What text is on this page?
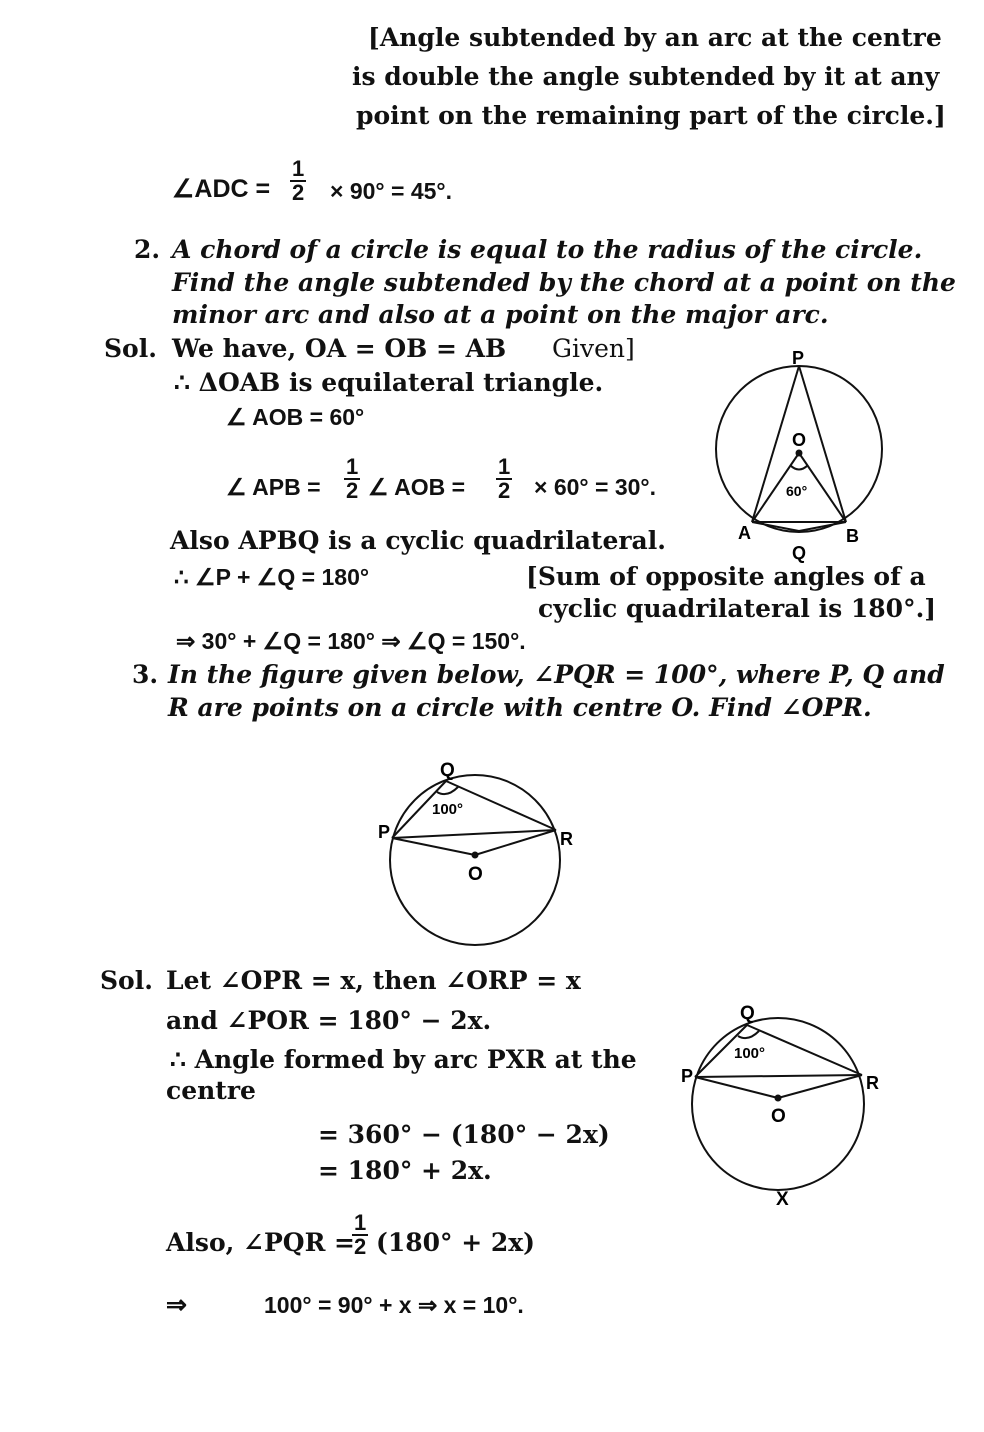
[Angle subtended by an arc at the centre
is double the angle subtended by it at any
point on the remaining part of the circle.]
∠ADC = $\frac{1}{2} \times 90^\circ = 45^\circ$.
2. A chord of a circle is equal to the radius of the circle.
Find the angle subtended by the chord at a point on the
minor arc and also at a point on the major arc.
Sol. We have, OA = OB = AB Given]
∴ ΔOAB is equilateral triangle.
∠ AOB = 60°
∠ APB = $\frac{1}{2}$ ∠ AOB = $\frac{1}{2} \times 60^\circ = 30^\circ$.
Also APBQ is a cyclic quadrilateral.
∴ ∠P + ∠Q = 180°	[Sum of opposite angles of a
cyclic quadrilateral is 180°.]
⇒ 30° + ∠Q = 180° ⇒ ∠Q = 150°.
3. In the figure given below, ∠PQR = 100°, where P, Q and
R are points on a circle with centre O. Find ∠OPR.
Sol. Let ∠OPR = x, then ∠ORP = x
and ∠POR = 180° − 2x.
∴ Angle formed by arc PXR at the
centre
= 360° − (180° − 2x)
= 180° + 2x.
Also, ∠PQR =
$\frac{1}{2} (180^\circ + 2x)$
⇒	100° = 90° + x ⇒ x = 10°.
P
O
60°
A	B
Q
Q
100°
P	R
O
Q
100°
P	R
O
X
